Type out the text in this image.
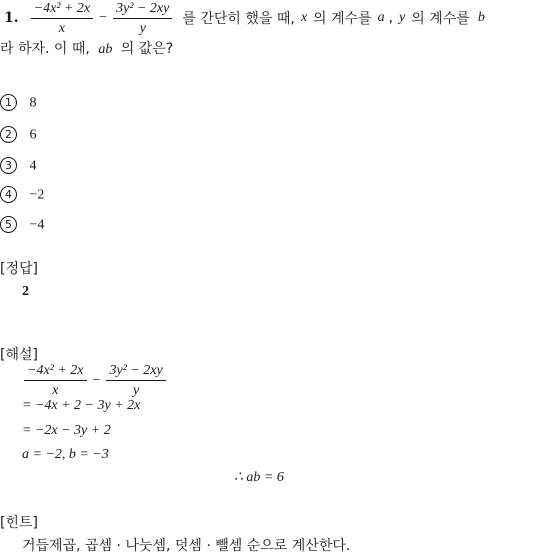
1. $\frac{\text{−4x² + 2x}}{x} - \frac{\text{3y² − 2xy}}{y}$ 를 간단히 했을 때, x 의 계수를 a , y 의 계수를 b
라 하자. 이 때, ab 의 값은?
1 8
2 6
3 4
4 −2
5 −4
[정답]
2
[해설]
$\frac{\text{−4x² + 2x}}{x} - \frac{\text{3y² − 2xy}}{y}$
= −4x + 2 − 3y + 2x
= −2x − 3y + 2
a = −2, b = −3
∴ ab = 6
[힌트]
거듭제곱, 곱셈 · 나눗셈, 덧셈 · 뺄셈 순으로 계산한다.
